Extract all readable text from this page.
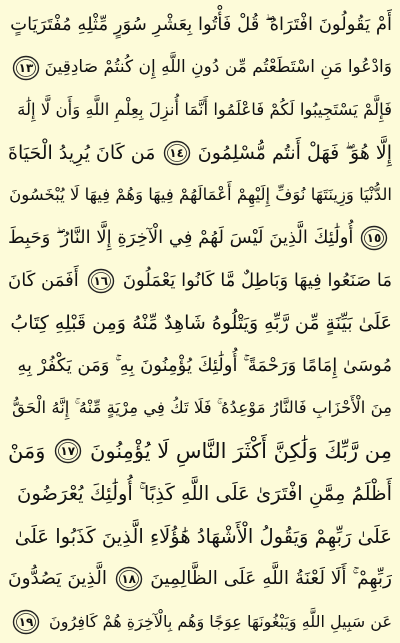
أَمْ يَقُولُونَ افْتَرَاهُ ۖ قُلْ فَأْتُوا بِعَشْرِ سُوَرٍ مِّثْلِهِ مُفْتَرَيَاتٍ
وَادْعُوا مَنِ اسْتَطَعْتُم مِّن دُونِ اللَّهِ إِن كُنتُمْ صَادِقِينَ
١٣
فَإِلَّمْ يَسْتَجِيبُوا لَكُمْ فَاعْلَمُوا أَنَّمَا أُنزِلَ بِعِلْمِ اللَّهِ وَأَن لَّا إِلَٰهَ
إِلَّا هُوَ ۖ فَهَلْ أَنتُم مُّسْلِمُونَ
١٤
مَن كَانَ يُرِيدُ الْحَيَاةَ
الدُّنْيَا وَزِينَتَهَا نُوَفِّ إِلَيْهِمْ أَعْمَالَهُمْ فِيهَا وَهُمْ فِيهَا لَا يُبْخَسُونَ
١٥
أُولَٰئِكَ الَّذِينَ لَيْسَ لَهُمْ فِي الْآخِرَةِ إِلَّا النَّارُ ۖ وَحَبِطَ
مَا صَنَعُوا فِيهَا وَبَاطِلٌ مَّا كَانُوا يَعْمَلُونَ
١٦
أَفَمَن كَانَ
عَلَىٰ بَيِّنَةٍ مِّن رَّبِّهِ وَيَتْلُوهُ شَاهِدٌ مِّنْهُ وَمِن قَبْلِهِ كِتَابُ
مُوسَىٰ إِمَامًا وَرَحْمَةً ۚ أُولَٰئِكَ يُؤْمِنُونَ بِهِ ۚ وَمَن يَكْفُرْ بِهِ
مِنَ الْأَحْزَابِ فَالنَّارُ مَوْعِدُهُ ۚ فَلَا تَكُ فِي مِرْيَةٍ مِّنْهُ ۚ إِنَّهُ الْحَقُّ
مِن رَّبِّكَ وَلَٰكِنَّ أَكْثَرَ النَّاسِ لَا يُؤْمِنُونَ
١٧
وَمَنْ
أَظْلَمُ مِمَّنِ افْتَرَىٰ عَلَى اللَّهِ كَذِبًا ۚ أُولَٰئِكَ يُعْرَضُونَ
عَلَىٰ رَبِّهِمْ وَيَقُولُ الْأَشْهَادُ هَٰؤُلَاءِ الَّذِينَ كَذَبُوا عَلَىٰ
رَبِّهِمْ ۚ أَلَا لَعْنَةُ اللَّهِ عَلَى الظَّالِمِينَ
١٨
الَّذِينَ يَصُدُّونَ
عَن سَبِيلِ اللَّهِ وَيَبْغُونَهَا عِوَجًا وَهُم بِالْآخِرَةِ هُمْ كَافِرُونَ
١٩
